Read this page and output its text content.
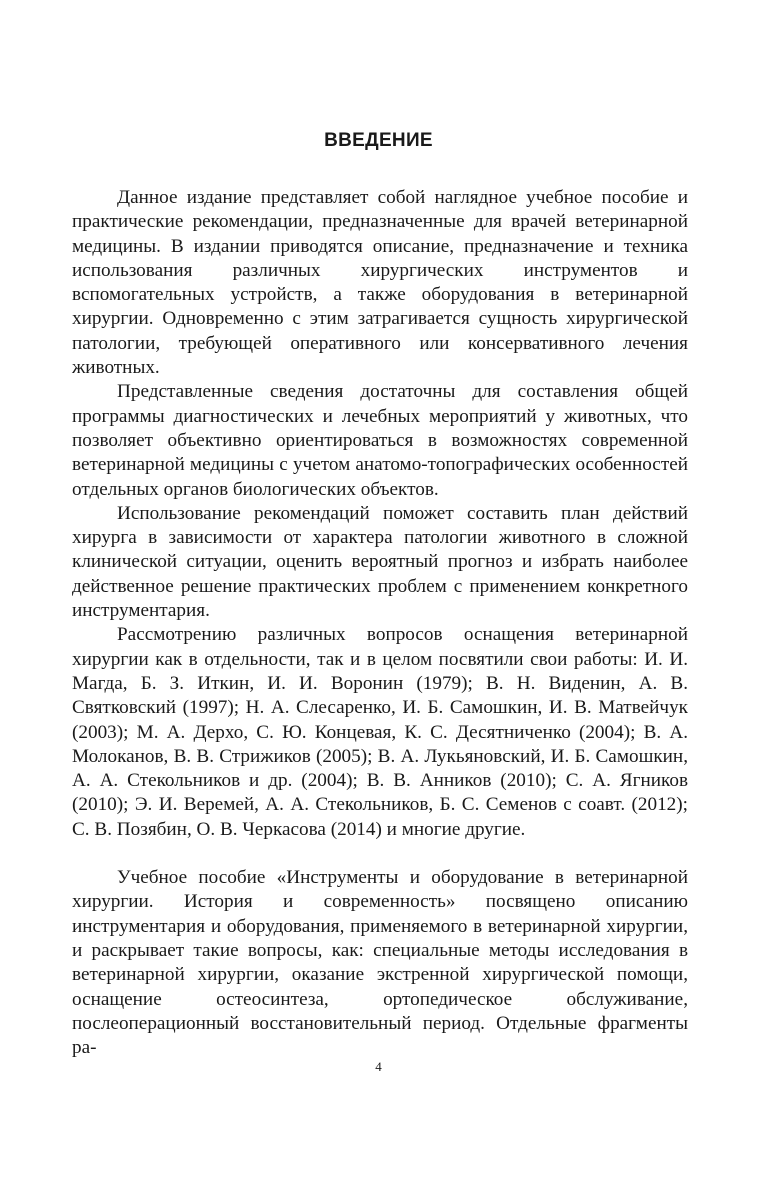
ВВЕДЕНИЕ

Данное издание представляет собой наглядное учебное пособие и практические рекомендации, предназначенные для врачей ветеринарной медицины. В издании приводятся описание, предназначение и техника использования различных хирургических инструментов и вспомогательных устройств, а также оборудования в ветеринарной хирургии. Одновременно с этим затрагивается сущность хирургической патологии, требующей оперативного или консервативного лечения животных.

Представленные сведения достаточны для составления общей программы диагностических и лечебных мероприятий у животных, что позволяет объективно ориентироваться в возможностях современной ветеринарной медицины с учетом анатомо-топографических особенностей отдельных органов биологических объектов.

Использование рекомендаций поможет составить план действий хирурга в зависимости от характера патологии животного в сложной клинической ситуации, оценить вероятный прогноз и избрать наиболее действенное решение практических проблем с применением конкретного инструментария.

Рассмотрению различных вопросов оснащения ветеринарной хирургии как в отдельности, так и в целом посвятили свои работы: И. И. Магда, Б. З. Иткин, И. И. Воронин (1979); В. Н. Виденин, А. В. Святковский (1997); Н. А. Слесаренко, И. Б. Самошкин, И. В. Матвейчук (2003); М. А. Дерхо, С. Ю. Концевая, К. С. Десятниченко (2004); В. А. Молоканов, В. В. Стрижиков (2005); В. А. Лукьяновский, И. Б. Самошкин, А. А. Стекольников и др. (2004); В. В. Анников (2010); С. А. Ягников (2010); Э. И. Веремей, А. А. Стекольников, Б. С. Семенов с соавт. (2012); С. В. Позябин, О. В. Черкасова (2014) и многие другие.

Учебное пособие «Инструменты и оборудование в ветеринарной хирургии. История и современность» посвящено описанию инструментария и оборудования, применяемого в ветеринарной хирургии, и раскрывает такие вопросы, как: специальные методы исследования в ветеринарной хирургии, оказание экстренной хирургической помощи, оснащение остеосинтеза, ортопедическое обслуживание, послеоперационный восстановительный период. Отдельные фрагменты ра-

4
